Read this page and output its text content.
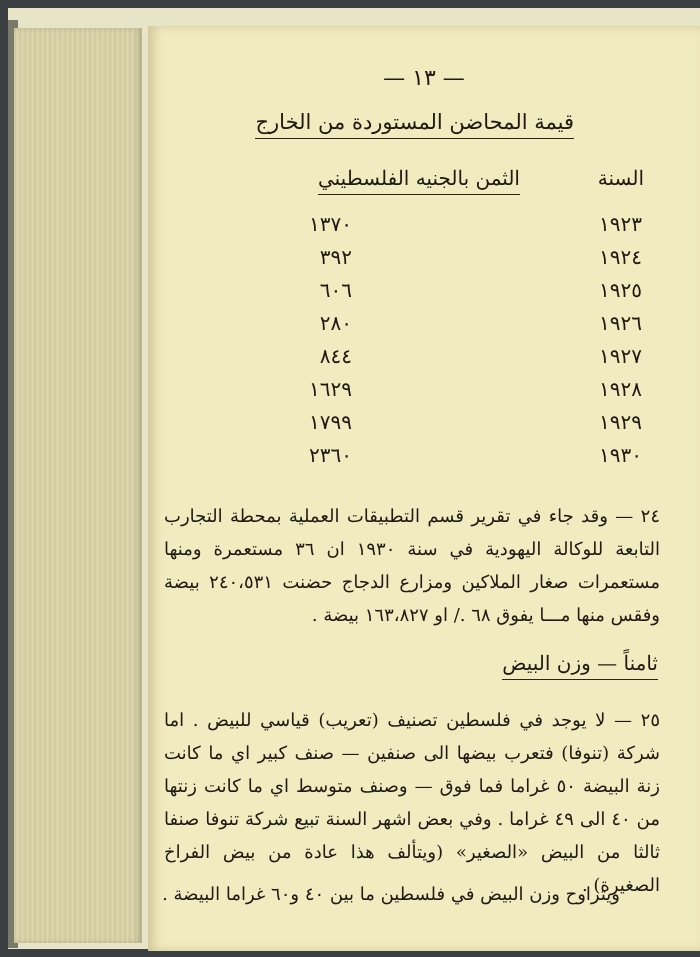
— ١٣ —
قيمة المحاضن المستوردة من الخارج
السنة
الثمن بالجنيه الفلسطيني
١٩٢٣
١٣٧٠
١٩٢٤
٣٩٢
١٩٢٥
٦٠٦
١٩٢٦
٢٨٠
١٩٢٧
٨٤٤
١٩٢٨
١٦٢٩
١٩٢٩
١٧٩٩
١٩٣٠
٢٣٦٠
٢٤ — وقد جاء في تقرير قسم التطبيقات العملية بمحطة التجارب التابعة للوكالة اليهودية في سنة ١٩٣٠ ان ٣٦ مستعمرة ومنها مستعمرات صغار الملاكين ومزارع الدجاج حضنت ٢٤٠،٥٣١ بيضة وفقس منها مـــا يفوق ٦٨ ./ او ١٦٣،٨٢٧ بيضة .
ثامناً — وزن البيض
٢٥ — لا يوجد في فلسطين تصنيف (تعريب) قياسي للبيض . اما شركة (تنوفا) فتعرب بيضها الى صنفين — صنف كبير اي ما كانت زنة البيضة ٥٠ غراما فما فوق — وصنف متوسط اي ما كانت زنتها من ٤٠ الى ٤٩ غراما . وفي بعض اشهر السنة تبيع شركة تنوفا صنفا ثالثا من البيض «الصغير» (ويتألف هذا عادة من بيض الفراخ الصغيرة) .
ويتراوح وزن البيض في فلسطين ما بين ٤٠ و٦٠ غراما البيضة .
